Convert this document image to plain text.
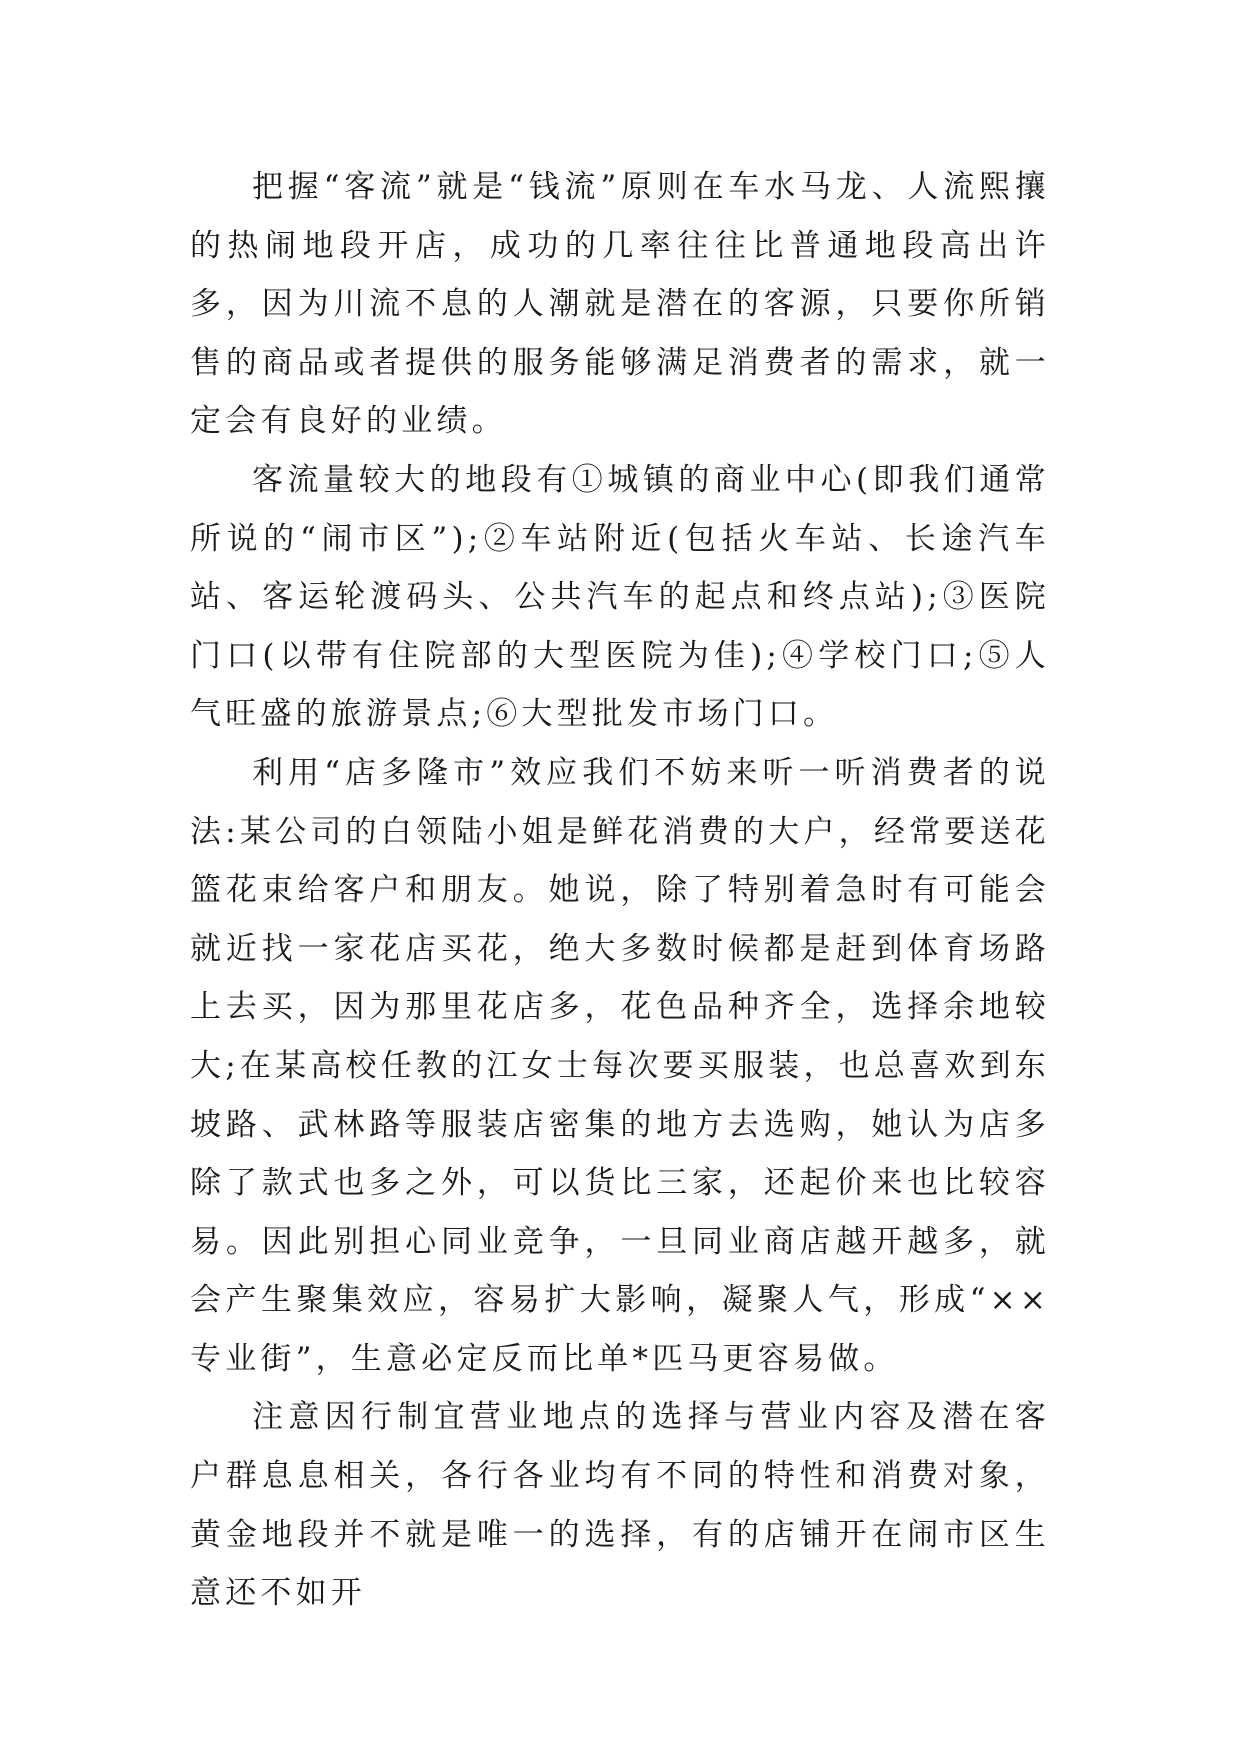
把握“客流”就是“钱流”原则在车水马龙、人流熙攘的热闹地段开店，成功的几率往往比普通地段高出许多，因为川流不息的人潮就是潜在的客源，只要你所销售的商品或者提供的服务能够满足消费者的需求，就一定会有良好的业绩。

客流量较大的地段有①城镇的商业中心(即我们通常所说的“闹市区”);②车站附近(包括火车站、长途汽车站、客运轮渡码头、公共汽车的起点和终点站);③医院门口(以带有住院部的大型医院为佳);④学校门口;⑤人气旺盛的旅游景点;⑥大型批发市场门口。

利用“店多隆市”效应我们不妨来听一听消费者的说法:某公司的白领陆小姐是鲜花消费的大户，经常要送花篮花束给客户和朋友。她说，除了特别着急时有可能会就近找一家花店买花，绝大多数时候都是赶到体育场路上去买，因为那里花店多，花色品种齐全，选择余地较大;在某高校任教的江女士每次要买服装，也总喜欢到东坡路、武林路等服装店密集的地方去选购，她认为店多除了款式也多之外，可以货比三家，还起价来也比较容易。因此别担心同业竞争，一旦同业商店越开越多，就会产生聚集效应，容易扩大影响，凝聚人气，形成“××专业街”，生意必定反而比单*匹马更容易做。

注意因行制宜营业地点的选择与营业内容及潜在客户群息息相关，各行各业均有不同的特性和消费对象，黄金地段并不就是唯一的选择，有的店铺开在闹市区生意还不如开
